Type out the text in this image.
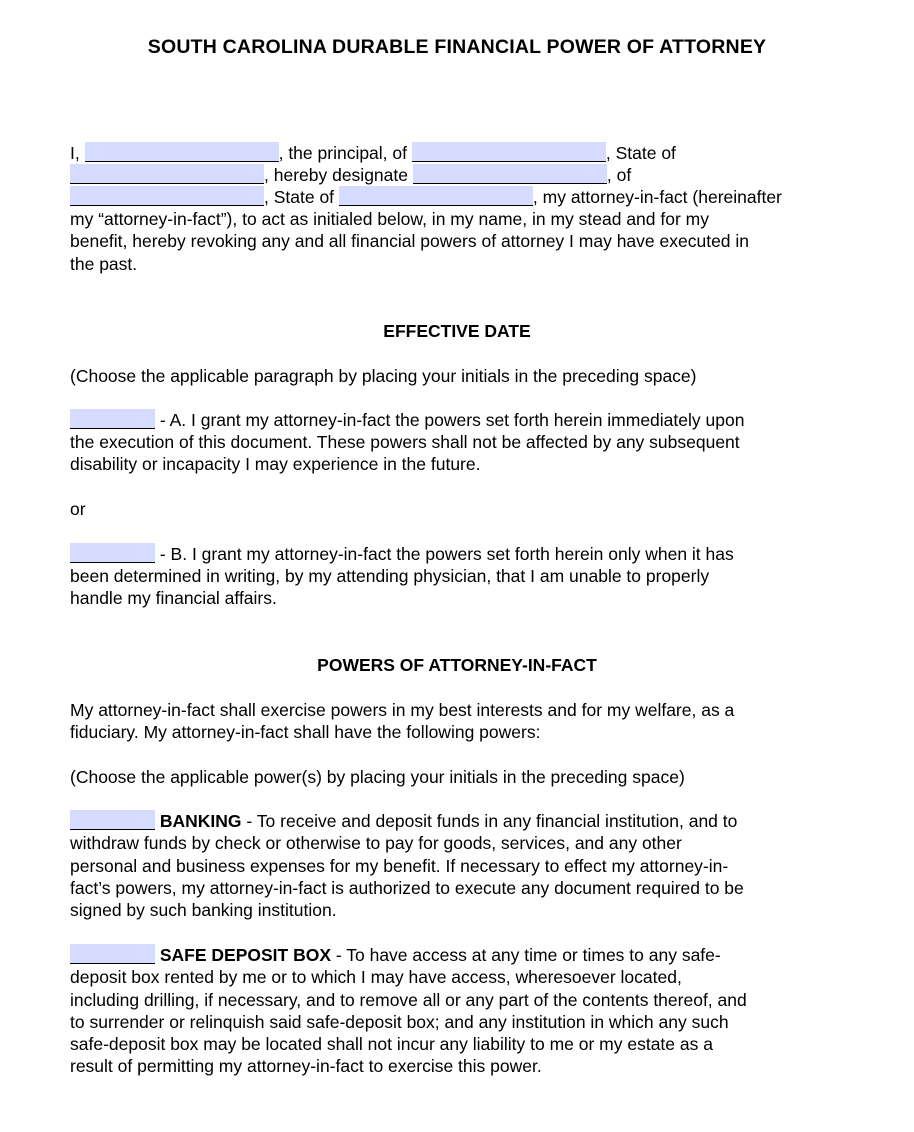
SOUTH CAROLINA DURABLE FINANCIAL POWER OF ATTORNEY
I,	, the principal, of	, State of
, hereby designate	, of
, State of	, my attorney-in-fact (hereinafter
my “attorney-in-fact”), to act as initialed below, in my name, in my stead and for my
benefit, hereby revoking any and all financial powers of attorney I may have executed in
the past.
EFFECTIVE DATE
(Choose the applicable paragraph by placing your initials in the preceding space)
- A. I grant my attorney-in-fact the powers set forth herein immediately upon
the execution of this document. These powers shall not be affected by any subsequent
disability or incapacity I may experience in the future.
or
- B. I grant my attorney-in-fact the powers set forth herein only when it has
been determined in writing, by my attending physician, that I am unable to properly
handle my financial affairs.
POWERS OF ATTORNEY-IN-FACT
My attorney-in-fact shall exercise powers in my best interests and for my welfare, as a
fiduciary. My attorney-in-fact shall have the following powers:
(Choose the applicable power(s) by placing your initials in the preceding space)
BANKING - To receive and deposit funds in any financial institution, and to
withdraw funds by check or otherwise to pay for goods, services, and any other
personal and business expenses for my benefit. If necessary to effect my attorney-in-
fact’s powers, my attorney-in-fact is authorized to execute any document required to be
signed by such banking institution.
SAFE DEPOSIT BOX - To have access at any time or times to any safe-
deposit box rented by me or to which I may have access, wheresoever located,
including drilling, if necessary, and to remove all or any part of the contents thereof, and
to surrender or relinquish said safe-deposit box; and any institution in which any such
safe-deposit box may be located shall not incur any liability to me or my estate as a
result of permitting my attorney-in-fact to exercise this power.
